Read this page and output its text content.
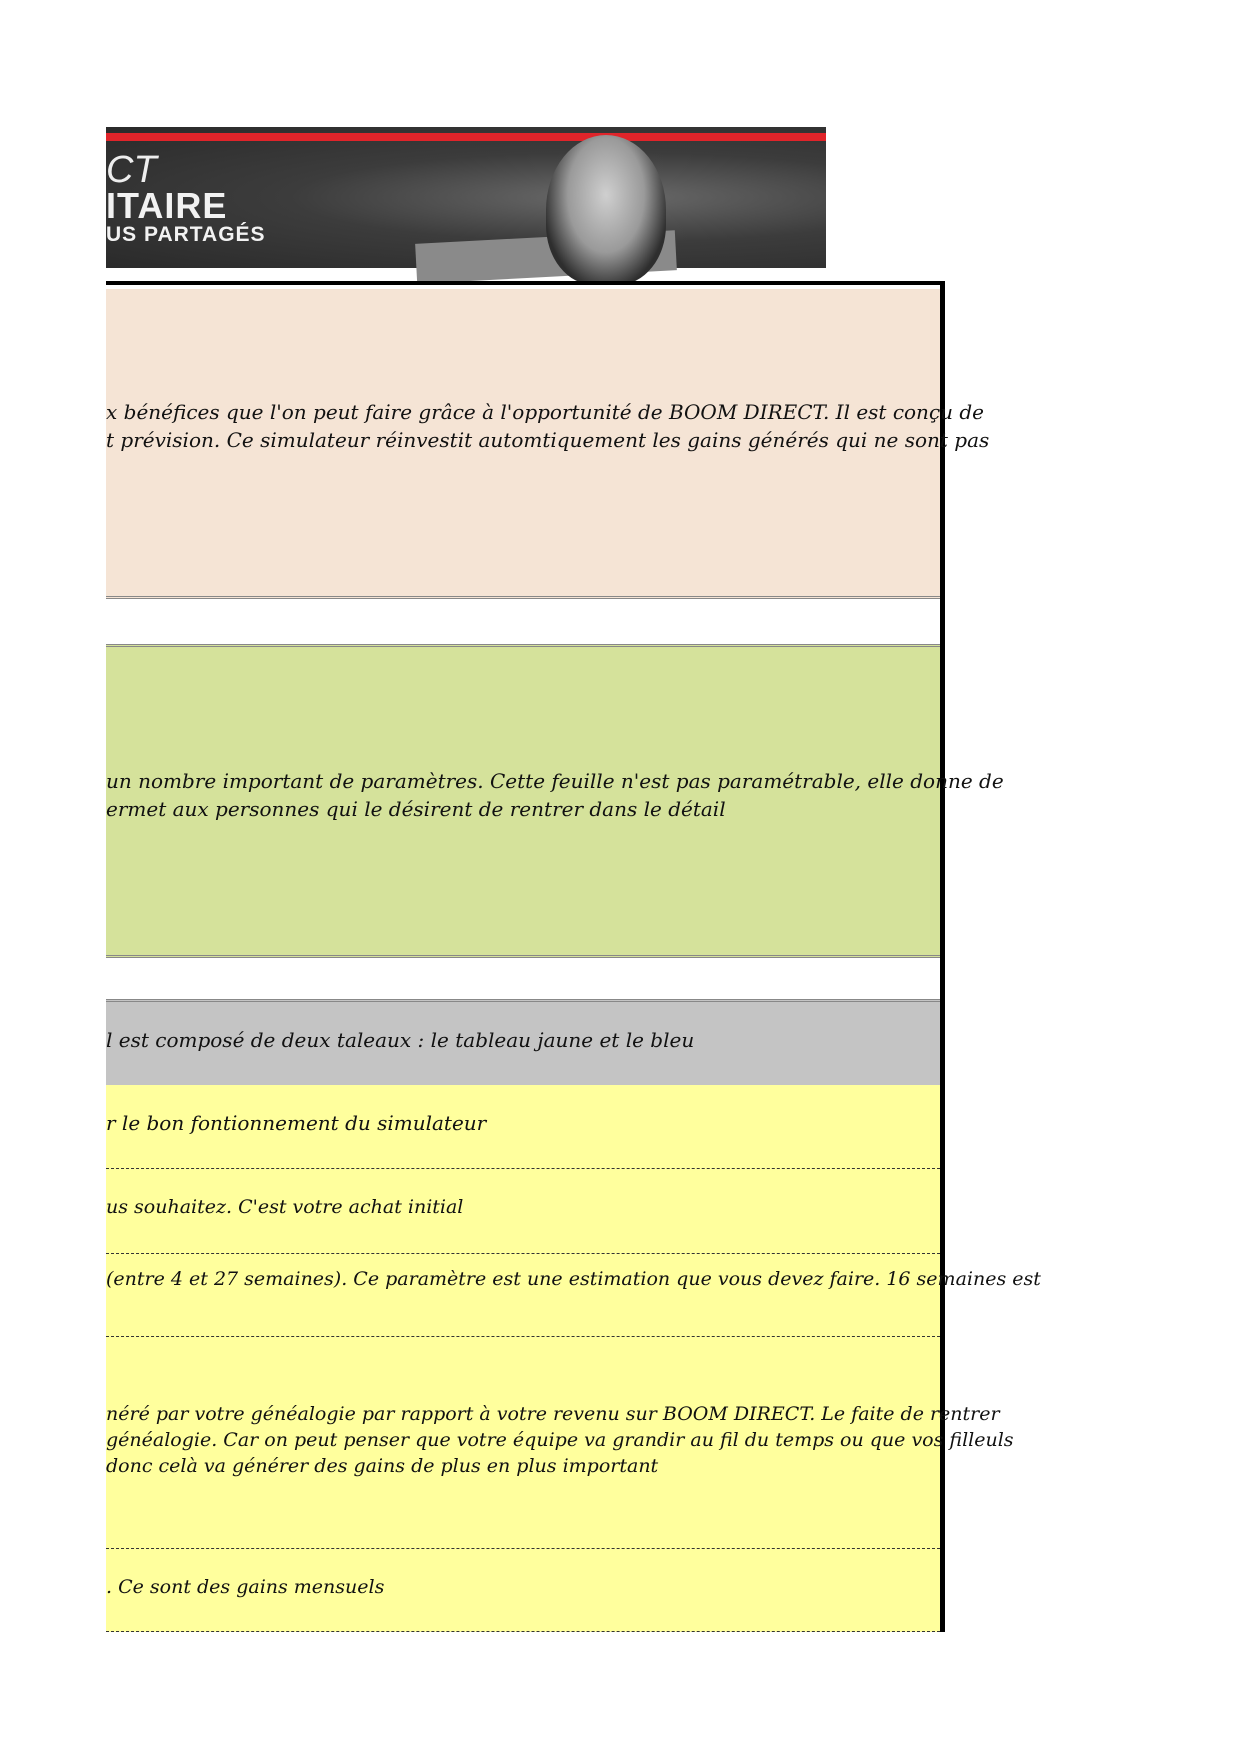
CT
ITAIRE
US PARTAGÉS
x bénéfices que l'on peut faire grâce à l'opportunité de BOOM DIRECT. Il est conçu de
t prévision. Ce simulateur réinvestit automtiquement les gains générés qui ne sont pas
un nombre important de paramètres. Cette feuille n'est pas paramétrable, elle donne de
ermet aux personnes qui le désirent de rentrer dans le détail
l est composé de deux taleaux : le tableau jaune et le bleu
r le bon fontionnement du simulateur
us souhaitez. C'est votre achat initial
(entre 4 et 27 semaines). Ce paramètre est une estimation que vous devez faire. 16 semaines est
néré par votre généalogie par rapport à votre revenu sur BOOM DIRECT. Le faite de rentrer
généalogie. Car on peut penser que votre équipe va grandir au fil du temps ou que vos filleuls
donc celà va générer des gains de plus en plus important
. Ce sont des gains mensuels
